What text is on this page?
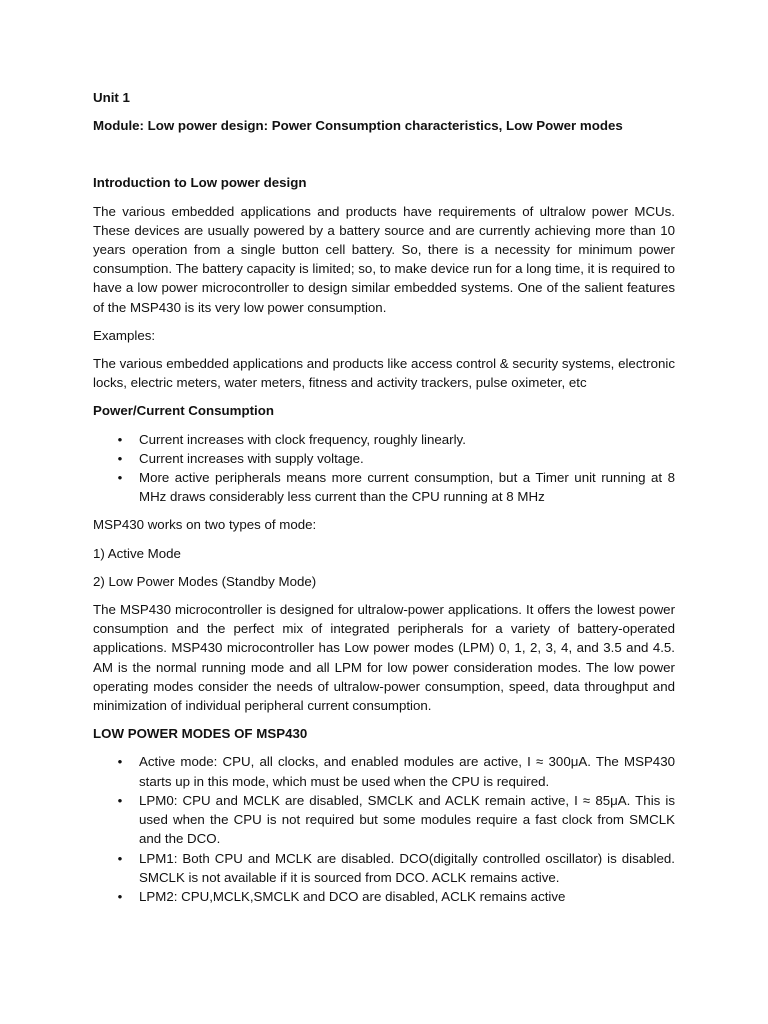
Unit 1

Module: Low power design: Power Consumption characteristics, Low Power modes

Introduction to Low power design

The various embedded applications and products have requirements of ultralow power MCUs. These devices are usually powered by a battery source and are currently achieving more than 10 years operation from a single button cell battery. So, there is a necessity for minimum power consumption. The battery capacity is limited; so, to make device run for a long time, it is required to have a low power microcontroller to design similar embedded systems. One of the salient features of the MSP430 is its very low power consumption.

Examples:

The various embedded applications and products like access control & security systems, electronic locks, electric meters, water meters, fitness and activity trackers, pulse oximeter, etc

Power/Current Consumption

• Current increases with clock frequency, roughly linearly.
• Current increases with supply voltage.
• More active peripherals means more current consumption, but a Timer unit running at 8 MHz draws considerably less current than the CPU running at 8 MHz

MSP430 works on two types of mode:

1) Active Mode

2) Low Power Modes (Standby Mode)

The MSP430 microcontroller is designed for ultralow-power applications. It offers the lowest power consumption and the perfect mix of integrated peripherals for a variety of battery-operated applications. MSP430 microcontroller has Low power modes (LPM) 0, 1, 2, 3, 4, and 3.5 and 4.5. AM is the normal running mode and all LPM for low power consideration modes. The low power operating modes consider the needs of ultralow-power consumption, speed, data throughput and minimization of individual peripheral current consumption.

LOW POWER MODES OF MSP430

• Active mode: CPU, all clocks, and enabled modules are active, I ≈ 300μA. The MSP430 starts up in this mode, which must be used when the CPU is required.
• LPM0: CPU and MCLK are disabled, SMCLK and ACLK remain active, I ≈ 85μA. This is used when the CPU is not required but some modules require a fast clock from SMCLK and the DCO.
• LPM1: Both CPU and MCLK are disabled. DCO(digitally controlled oscillator) is disabled. SMCLK is not available if it is sourced from DCO. ACLK remains active.
• LPM2: CPU,MCLK,SMCLK and DCO are disabled, ACLK remains active
